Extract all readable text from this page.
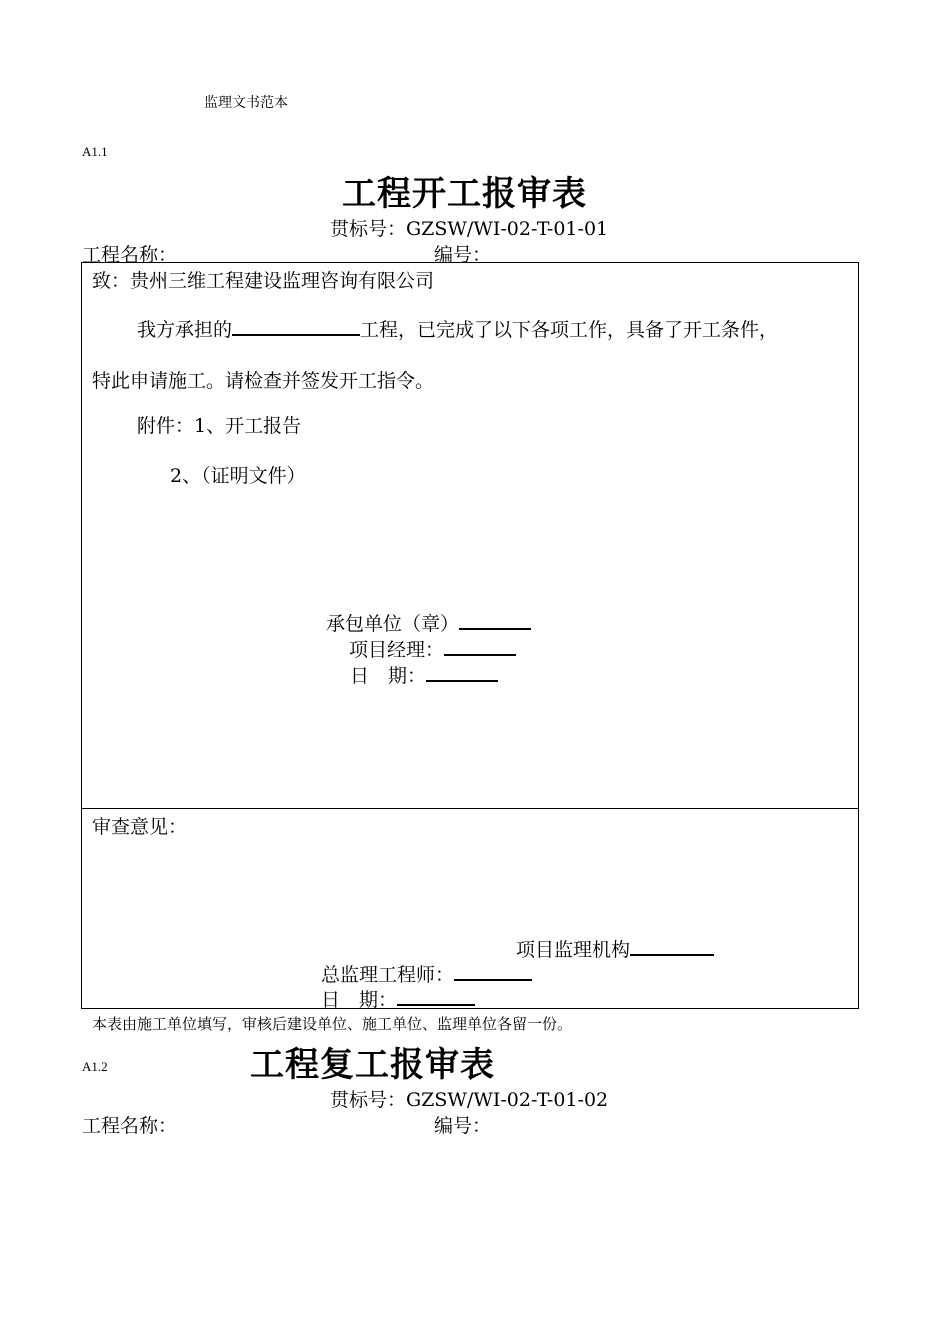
监理文书范本
A1.1
工程开工报审表
贯标号：GZSW/WI-02-T-01-01
工程名称：	编号：
致：贵州三维工程建设监理咨询有限公司
我方承担的	工程，已完成了以下各项工作，具备了开工条件，
特此申请施工。请检查并签发开工指令。
附件：1、开工报告
2、（证明文件）
承包单位（章）
项目经理：
日　期：
审查意见：
项目监理机构
总监理工程师：
日　期：
本表由施工单位填写，审核后建设单位、施工单位、监理单位各留一份。
A1.2	工程复工报审表
贯标号：GZSW/WI-02-T-01-02
工程名称：	编号：
